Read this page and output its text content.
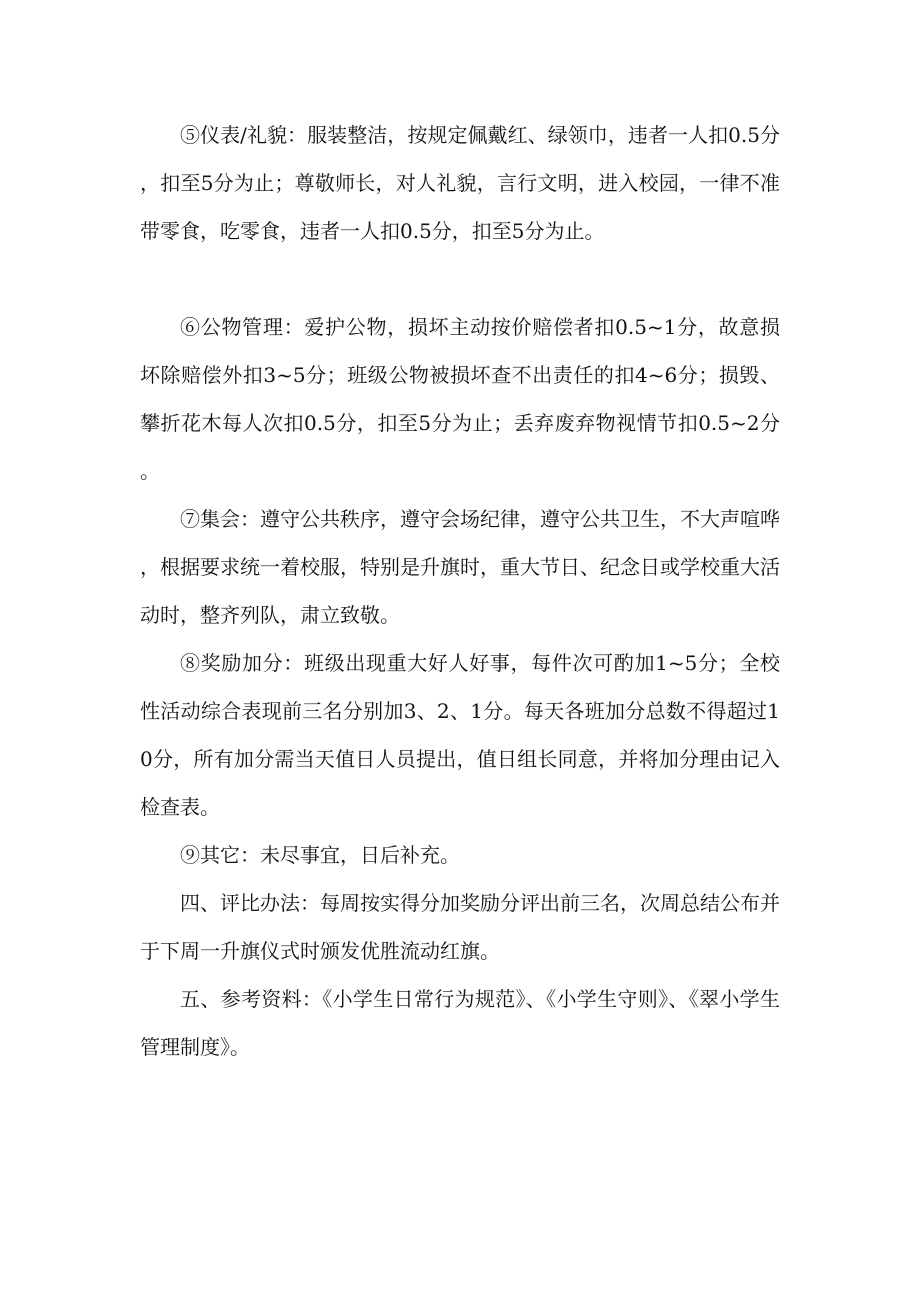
⑤仪表/礼貌：服装整洁，按规定佩戴红、绿领巾，违者一人扣0.5分，扣至5分为止；尊敬师长，对人礼貌，言行文明，进入校园，一律不准带零食，吃零食，违者一人扣0.5分，扣至5分为止。

⑥公物管理：爱护公物，损坏主动按价赔偿者扣0.5~1分，故意损坏除赔偿外扣3~5分；班级公物被损坏查不出责任的扣4~6分；损毁、攀折花木每人次扣0.5分，扣至5分为止；丢弃废弃物视情节扣0.5~2分。

⑦集会：遵守公共秩序，遵守会场纪律，遵守公共卫生，不大声喧哗，根据要求统一着校服，特别是升旗时，重大节日、纪念日或学校重大活动时，整齐列队，肃立致敬。

⑧奖励加分：班级出现重大好人好事，每件次可酌加1~5分；全校性活动综合表现前三名分别加3、2、1分。每天各班加分总数不得超过10分，所有加分需当天值日人员提出，值日组长同意，并将加分理由记入检查表。

⑨其它：未尽事宜，日后补充。

四、评比办法：每周按实得分加奖励分评出前三名，次周总结公布并于下周一升旗仪式时颁发优胜流动红旗。

五、参考资料：《小学生日常行为规范》、《小学生守则》、《翠小学生管理制度》。
